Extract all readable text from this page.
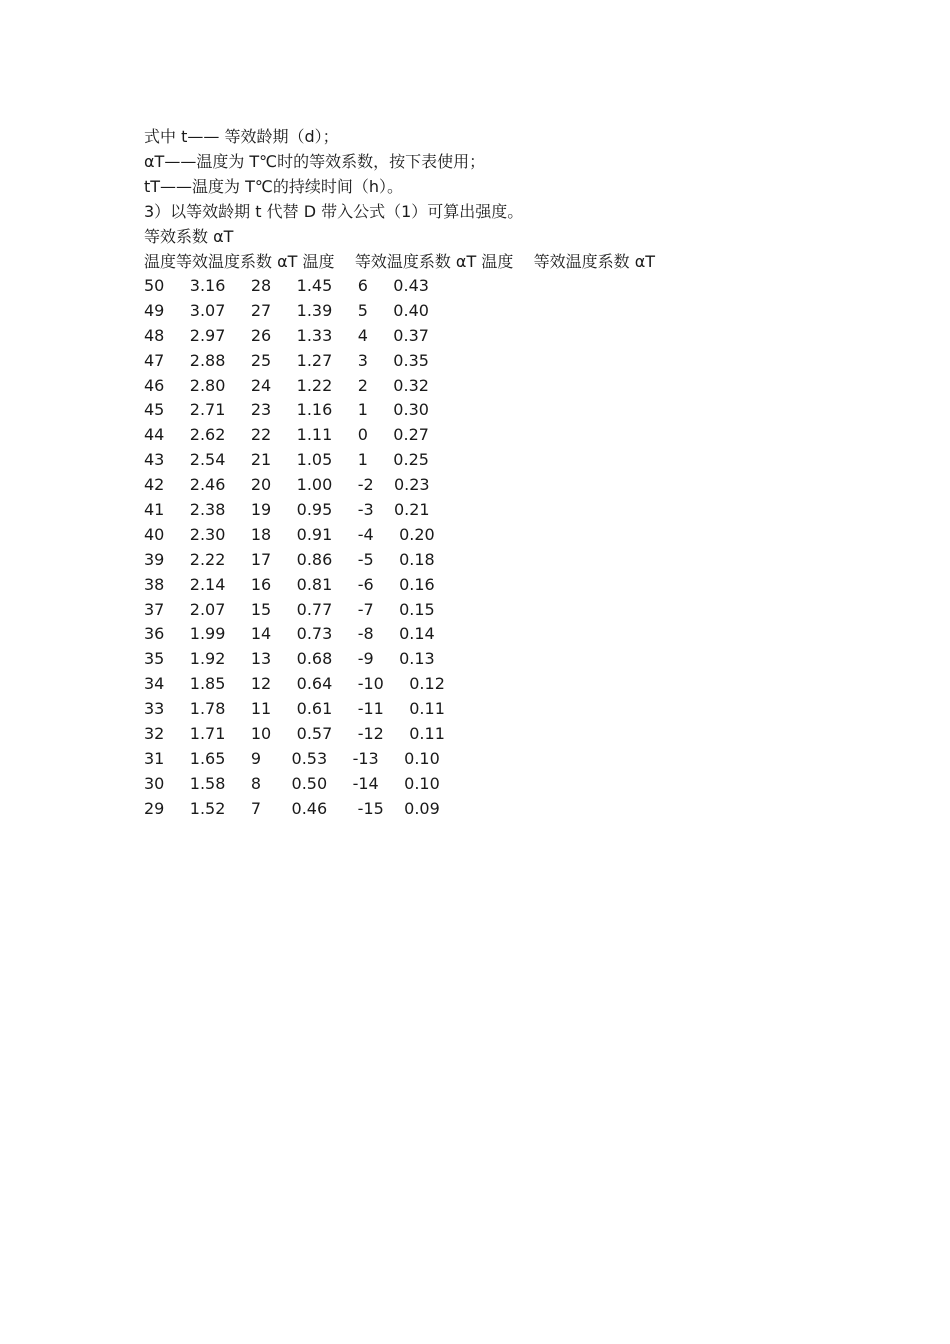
式中 t—— 等效龄期（d）；
αT——温度为 T℃时的等效系数，按下表使用；
tT——温度为 T℃的持续时间（h）。
3）以等效龄期 t 代替 D 带入公式（1）可算出强度。
等效系数 αT
温度等效温度系数 αT 温度    等效温度系数 αT 温度    等效温度系数 αT
50     3.16     28     1.45     6     0.43
49     3.07     27     1.39     5     0.40
48     2.97     26     1.33     4     0.37
47     2.88     25     1.27     3     0.35
46     2.80     24     1.22     2     0.32
45     2.71     23     1.16     1     0.30
44     2.62     22     1.11     0     0.27
43     2.54     21     1.05     1     0.25
42     2.46     20     1.00     -2    0.23
41     2.38     19     0.95     -3    0.21
40     2.30     18     0.91     -4     0.20
39     2.22     17     0.86     -5     0.18
38     2.14     16     0.81     -6     0.16
37     2.07     15     0.77     -7     0.15
36     1.99     14     0.73     -8     0.14
35     1.92     13     0.68     -9     0.13
34     1.85     12     0.64     -10     0.12
33     1.78     11     0.61     -11     0.11
32     1.71     10     0.57     -12     0.11
31     1.65     9      0.53     -13     0.10
30     1.58     8      0.50     -14     0.10
29     1.52     7      0.46      -15    0.09
